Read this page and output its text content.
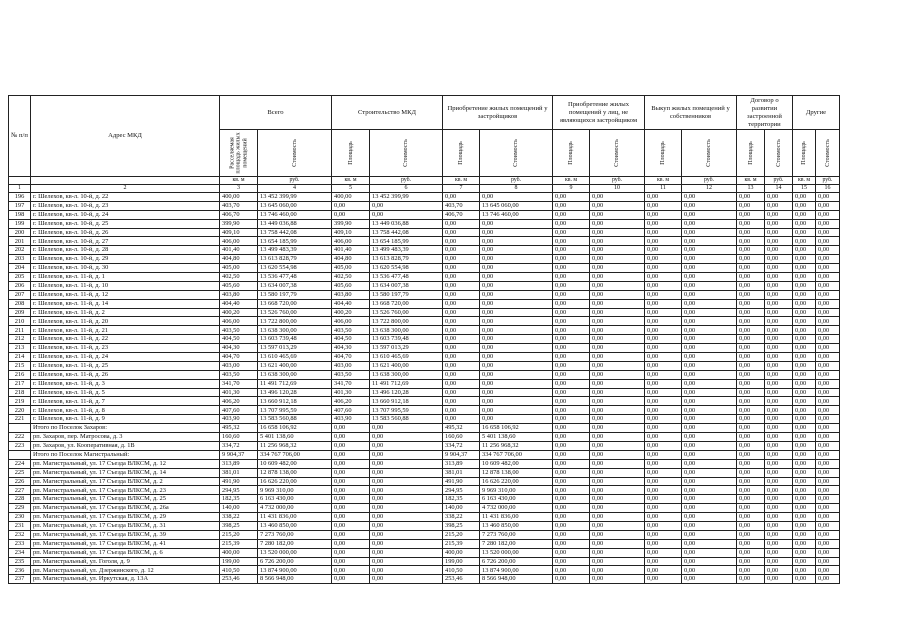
№ п/п	Адрес МКД	Всего		Строительство МКД		Приобретение жилых помещений у застройщиков		Приобретение жилых помещений у лиц, не являющихся застройщиком		Выкуп жилых помещений у собственников		Договор о развитии застроенной территории		Другие	

		Расселяемая площадь жилых помещений	Стоимость	Площадь	Стоимость	Площадь	Стоимость	Площадь	Стоимость	Площадь	Стоимость	Площадь	Стоимость	Площадь	Стоимость

		кв. м	руб.	кв. м	руб.	кв. м	руб.	кв. м	руб.	кв. м	руб.	кв. м	руб.	кв. м	руб.
1	2	3	4	5	6	7	8	9	10	11	12	13	14	15	16
196	г. Шелехов, кв-л. 10-й, д. 22	400,00	13 452 399,99	400,00	13 452 399,99	0,00	0,00	0,00	0,00	0,00	0,00	0,00	0,00	0,00	0,00
197	г. Шелехов, кв-л. 10-й, д. 23	403,70	13 645 060,00	0,00	0,00	403,70	13 645 060,00	0,00	0,00	0,00	0,00	0,00	0,00	0,00	0,00
198	г. Шелехов, кв-л. 10-й, д. 24	406,70	13 746 460,00	0,00	0,00	406,70	13 746 460,00	0,00	0,00	0,00	0,00	0,00	0,00	0,00	0,00
199	г. Шелехов, кв-л. 10-й, д. 25	399,90	13 449 036,88	399,90	13 449 036,88	0,00	0,00	0,00	0,00	0,00	0,00	0,00	0,00	0,00	0,00
200	г. Шелехов, кв-л. 10-й, д. 26	409,10	13 758 442,08	409,10	13 758 442,08	0,00	0,00	0,00	0,00	0,00	0,00	0,00	0,00	0,00	0,00
201	г. Шелехов, кв-л. 10-й, д. 27	406,00	13 654 185,99	406,00	13 654 185,99	0,00	0,00	0,00	0,00	0,00	0,00	0,00	0,00	0,00	0,00
202	г. Шелехов, кв-л. 10-й, д. 28	401,40	13 499 483,39	401,40	13 499 483,39	0,00	0,00	0,00	0,00	0,00	0,00	0,00	0,00	0,00	0,00
203	г. Шелехов, кв-л. 10-й, д. 29	404,80	13 613 828,79	404,80	13 613 828,79	0,00	0,00	0,00	0,00	0,00	0,00	0,00	0,00	0,00	0,00
204	г. Шелехов, кв-л. 10-й, д. 30	405,00	13 620 554,98	405,00	13 620 554,98	0,00	0,00	0,00	0,00	0,00	0,00	0,00	0,00	0,00	0,00
205	г. Шелехов, кв-л. 11-й, д. 1	402,50	13 536 477,48	402,50	13 536 477,48	0,00	0,00	0,00	0,00	0,00	0,00	0,00	0,00	0,00	0,00
206	г. Шелехов, кв-л. 11-й, д. 10	405,60	13 634 007,38	405,60	13 634 007,38	0,00	0,00	0,00	0,00	0,00	0,00	0,00	0,00	0,00	0,00
207	г. Шелехов, кв-л. 11-й, д. 12	403,80	13 580 197,79	403,80	13 580 197,79	0,00	0,00	0,00	0,00	0,00	0,00	0,00	0,00	0,00	0,00
208	г. Шелехов, кв-л. 11-й, д. 14	404,40	13 668 720,00	404,40	13 668 720,00	0,00	0,00	0,00	0,00	0,00	0,00	0,00	0,00	0,00	0,00
209	г. Шелехов, кв-л. 11-й, д. 2	400,20	13 526 760,00	400,20	13 526 760,00	0,00	0,00	0,00	0,00	0,00	0,00	0,00	0,00	0,00	0,00
210	г. Шелехов, кв-л. 11-й, д. 20	406,00	13 722 800,00	406,00	13 722 800,00	0,00	0,00	0,00	0,00	0,00	0,00	0,00	0,00	0,00	0,00
211	г. Шелехов, кв-л. 11-й, д. 21	403,50	13 638 300,00	403,50	13 638 300,00	0,00	0,00	0,00	0,00	0,00	0,00	0,00	0,00	0,00	0,00
212	г. Шелехов, кв-л. 11-й, д. 22	404,50	13 603 739,48	404,50	13 603 739,48	0,00	0,00	0,00	0,00	0,00	0,00	0,00	0,00	0,00	0,00
213	г. Шелехов, кв-л. 11-й, д. 23	404,30	13 597 013,29	404,30	13 597 013,29	0,00	0,00	0,00	0,00	0,00	0,00	0,00	0,00	0,00	0,00
214	г. Шелехов, кв-л. 11-й, д. 24	404,70	13 610 465,69	404,70	13 610 465,69	0,00	0,00	0,00	0,00	0,00	0,00	0,00	0,00	0,00	0,00
215	г. Шелехов, кв-л. 11-й, д. 25	403,00	13 621 400,00	403,00	13 621 400,00	0,00	0,00	0,00	0,00	0,00	0,00	0,00	0,00	0,00	0,00
216	г. Шелехов, кв-л. 11-й, д. 26	403,50	13 638 300,00	403,50	13 638 300,00	0,00	0,00	0,00	0,00	0,00	0,00	0,00	0,00	0,00	0,00
217	г. Шелехов, кв-л. 11-й, д. 3	341,70	11 491 712,69	341,70	11 491 712,69	0,00	0,00	0,00	0,00	0,00	0,00	0,00	0,00	0,00	0,00
218	г. Шелехов, кв-л. 11-й, д. 5	401,30	13 496 120,28	401,30	13 496 120,28	0,00	0,00	0,00	0,00	0,00	0,00	0,00	0,00	0,00	0,00
219	г. Шелехов, кв-л. 11-й, д. 7	406,20	13 660 912,18	406,20	13 660 912,18	0,00	0,00	0,00	0,00	0,00	0,00	0,00	0,00	0,00	0,00
220	г. Шелехов, кв-л. 11-й, д. 8	407,60	13 707 995,59	407,60	13 707 995,59	0,00	0,00	0,00	0,00	0,00	0,00	0,00	0,00	0,00	0,00
221	г. Шелехов, кв-л. 11-й, д. 9	403,90	13 583 560,88	403,90	13 583 560,88	0,00	0,00	0,00	0,00	0,00	0,00	0,00	0,00	0,00	0,00
	Итого по Поселок Захаров:	495,32	16 658 106,92	0,00	0,00	495,32	16 658 106,92	0,00	0,00	0,00	0,00	0,00	0,00	0,00	0,00
222	рп. Захаров, пер. Матросова, д. 3	160,60	5 401 138,60	0,00	0,00	160,60	5 401 138,60	0,00	0,00	0,00	0,00	0,00	0,00	0,00	0,00
223	рп. Захаров, ул. Кооперативная, д. 1В	334,72	11 256 968,32	0,00	0,00	334,72	11 256 968,32	0,00	0,00	0,00	0,00	0,00	0,00	0,00	0,00
	Итого по Поселок Магистральный:	9 904,37	334 767 706,00	0,00	0,00	9 904,37	334 767 706,00	0,00	0,00	0,00	0,00	0,00	0,00	0,00	0,00
224	рп. Магистральный, ул. 17 Съезда ВЛКСМ, д. 12	313,89	10 609 482,00	0,00	0,00	313,89	10 609 482,00	0,00	0,00	0,00	0,00	0,00	0,00	0,00	0,00
225	рп. Магистральный, ул. 17 Съезда ВЛКСМ, д. 14	381,01	12 878 138,00	0,00	0,00	381,01	12 878 138,00	0,00	0,00	0,00	0,00	0,00	0,00	0,00	0,00
226	рп. Магистральный, ул. 17 Съезда ВЛКСМ, д. 2	491,90	16 626 220,00	0,00	0,00	491,90	16 626 220,00	0,00	0,00	0,00	0,00	0,00	0,00	0,00	0,00
227	рп. Магистральный, ул. 17 Съезда ВЛКСМ, д. 23	294,95	9 969 310,00	0,00	0,00	294,95	9 969 310,00	0,00	0,00	0,00	0,00	0,00	0,00	0,00	0,00
228	рп. Магистральный, ул. 17 Съезда ВЛКСМ, д. 25	182,35	6 163 430,00	0,00	0,00	182,35	6 163 430,00	0,00	0,00	0,00	0,00	0,00	0,00	0,00	0,00
229	рп. Магистральный, ул. 17 Съезда ВЛКСМ, д. 26а	140,00	4 732 000,00	0,00	0,00	140,00	4 732 000,00	0,00	0,00	0,00	0,00	0,00	0,00	0,00	0,00
230	рп. Магистральный, ул. 17 Съезда ВЛКСМ, д. 29	338,22	11 431 836,00	0,00	0,00	338,22	11 431 836,00	0,00	0,00	0,00	0,00	0,00	0,00	0,00	0,00
231	рп. Магистральный, ул. 17 Съезда ВЛКСМ, д. 31	398,25	13 460 850,00	0,00	0,00	398,25	13 460 850,00	0,00	0,00	0,00	0,00	0,00	0,00	0,00	0,00
232	рп. Магистральный, ул. 17 Съезда ВЛКСМ, д. 39	215,20	7 273 760,00	0,00	0,00	215,20	7 273 760,00	0,00	0,00	0,00	0,00	0,00	0,00	0,00	0,00
233	рп. Магистральный, ул. 17 Съезда ВЛКСМ, д. 41	215,39	7 280 182,00	0,00	0,00	215,39	7 280 182,00	0,00	0,00	0,00	0,00	0,00	0,00	0,00	0,00
234	рп. Магистральный, ул. 17 Съезда ВЛКСМ, д. 6	400,00	13 520 000,00	0,00	0,00	400,00	13 520 000,00	0,00	0,00	0,00	0,00	0,00	0,00	0,00	0,00
235	рп. Магистральный, ул. Гоголя, д. 9	199,00	6 726 200,00	0,00	0,00	199,00	6 726 200,00	0,00	0,00	0,00	0,00	0,00	0,00	0,00	0,00
236	рп. Магистральный, ул. Дзержинского, д. 12	410,50	13 874 900,00	0,00	0,00	410,50	13 874 900,00	0,00	0,00	0,00	0,00	0,00	0,00	0,00	0,00
237	рп. Магистральный, ул. Иркутская, д. 13А	253,46	8 566 948,00	0,00	0,00	253,46	8 566 948,00	0,00	0,00	0,00	0,00	0,00	0,00	0,00	0,00
